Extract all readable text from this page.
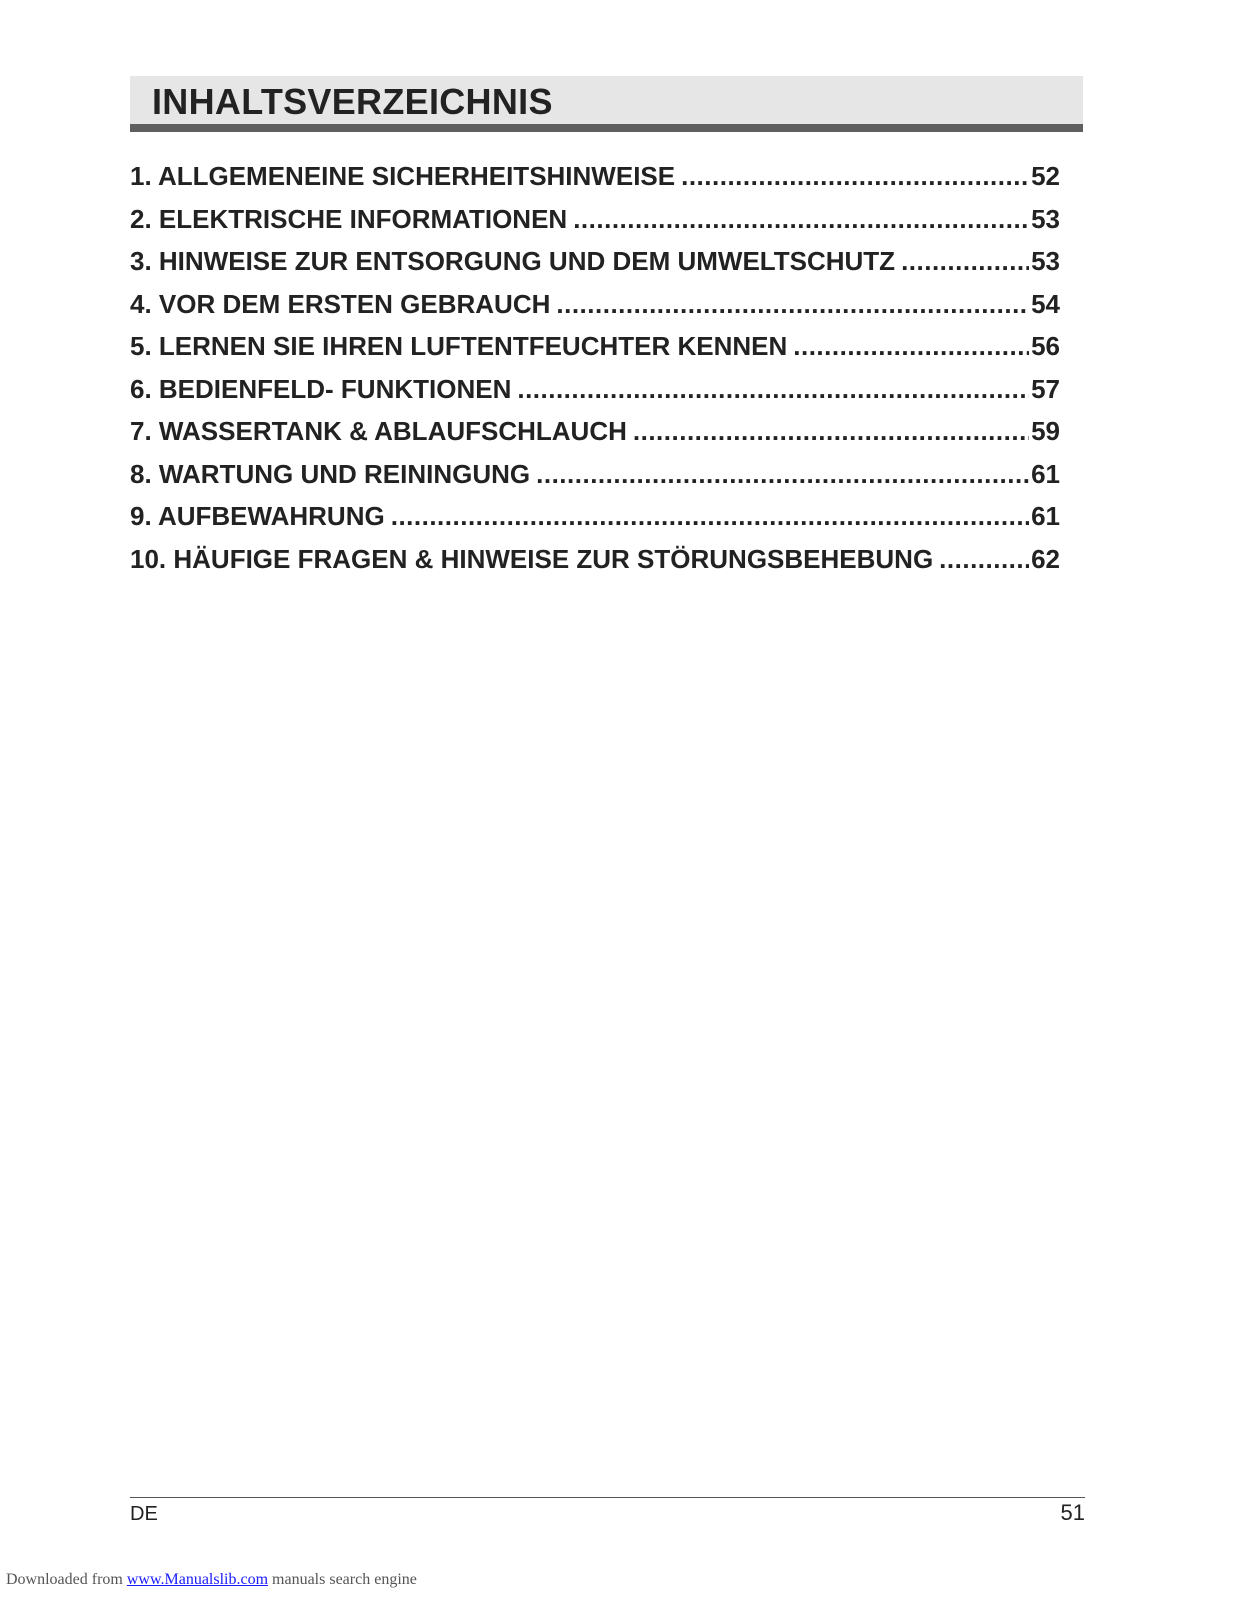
INHALTSVERZEICHNIS
1. ALLGEMENEINE SICHERHEITSHINWEISE .....	52
2. ELEKTRISCHE INFORMATIONEN .....	53
3. HINWEISE ZUR ENTSORGUNG UND DEM UMWELTSCHUTZ .....	53
4. VOR DEM ERSTEN GEBRAUCH .....	54
5. LERNEN SIE IHREN LUFTENTFEUCHTER KENNEN .....	56
6. BEDIENFELD- FUNKTIONEN .....	57
7. WASSERTANK & ABLAUFSCHLAUCH .....	59
8. WARTUNG UND REININGUNG .....	61
9. AUFBEWAHRUNG .....	61
10. HÄUFIGE FRAGEN & HINWEISE ZUR STÖRUNGSBEHEBUNG .....	62
DE	51
Downloaded from www.Manualslib.com manuals search engine
